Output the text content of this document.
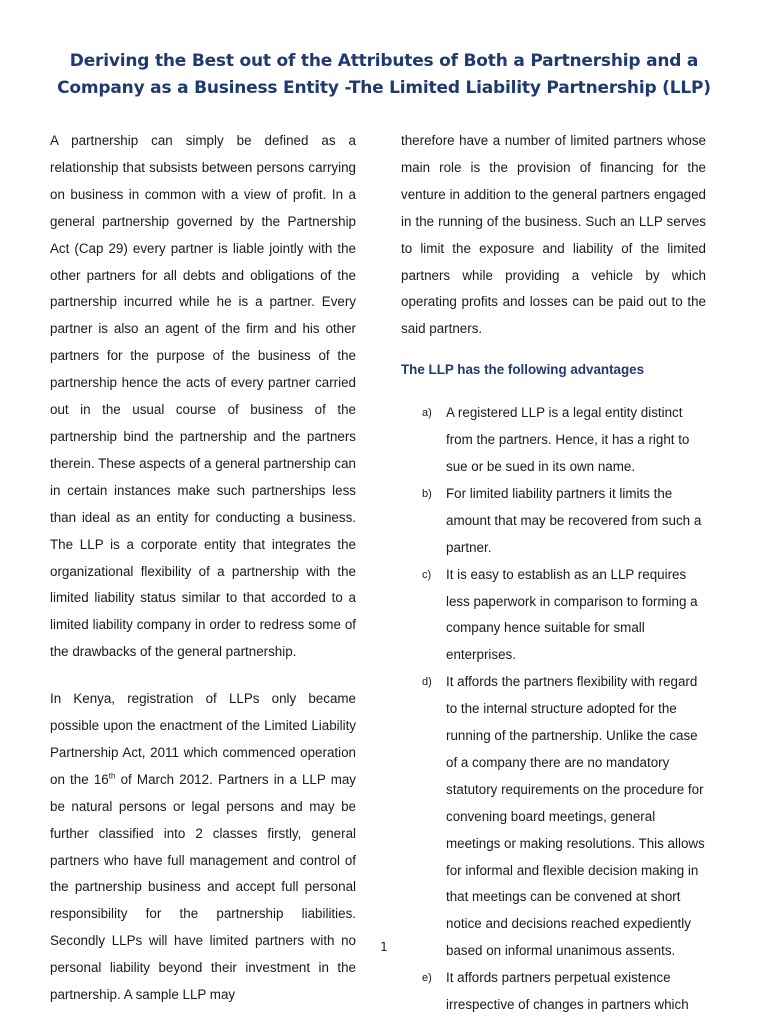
Deriving the Best out of the Attributes of Both a Partnership and a
Company as a Business Entity -The Limited Liability Partnership (LLP)

A partnership can simply be defined as a relationship that subsists between persons carrying on business in common with a view of profit. In a general partnership governed by the Partnership Act (Cap 29) every partner is liable jointly with the other partners for all debts and obligations of the partnership incurred while he is a partner. Every partner is also an agent of the firm and his other partners for the purpose of the business of the partnership hence the acts of every partner carried out in the usual course of business of the partnership bind the partnership and the partners therein. These aspects of a general partnership can in certain instances make such partnerships less than ideal as an entity for conducting a business. The LLP is a corporate entity that integrates the organizational flexibility of a partnership with the limited liability status similar to that accorded to a limited liability company in order to redress some of the drawbacks of the general partnership.

In Kenya, registration of LLPs only became possible upon the enactment of the Limited Liability Partnership Act, 2011 which commenced operation on the 16th of March 2012. Partners in a LLP may be natural persons or legal persons and may be further classified into 2 classes firstly, general partners who have full management and control of the partnership business and accept full personal responsibility for the partnership liabilities. Secondly LLPs will have limited partners with no personal liability beyond their investment in the partnership. A sample LLP may

therefore have a number of limited partners whose main role is the provision of financing for the venture in addition to the general partners engaged in the running of the business. Such an LLP serves to limit the exposure and liability of the limited partners while providing a vehicle by which operating profits and losses can be paid out to the said partners.

The LLP has the following advantages
a) A registered LLP is a legal entity distinct from the partners. Hence, it has a right to sue or be sued in its own name.
b) For limited liability partners it limits the amount that may be recovered from such a partner.
c) It is easy to establish as an LLP requires less paperwork in comparison to forming a company hence suitable for small enterprises.
d) It affords the partners flexibility with regard to the internal structure adopted for the running of the partnership. Unlike the case of a company there are no mandatory statutory requirements on the procedure for convening board meetings, general meetings or making resolutions. This allows for informal and flexible decision making in that meetings can be convened at short notice and decisions reached expediently based on informal unanimous assents.
e) It affords partners perpetual existence irrespective of changes in partners which
1
